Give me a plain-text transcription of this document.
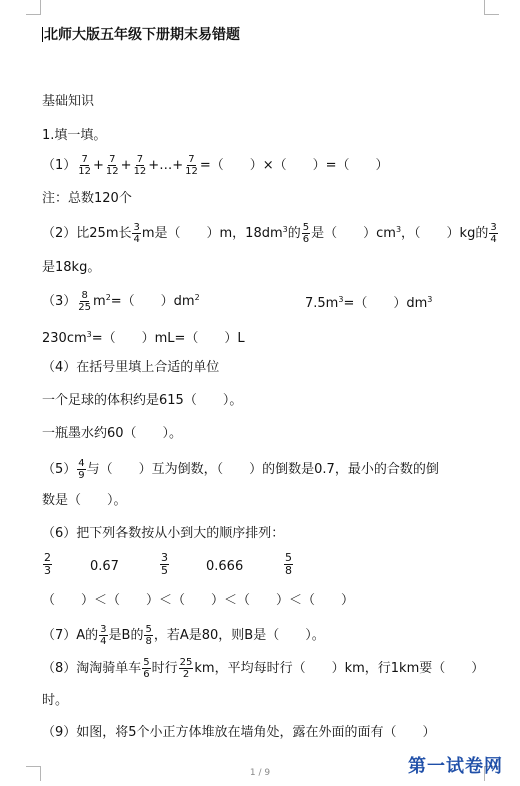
北师大版五年级下册期末易错题
基础知识
1.填一填。
$(1) \frac{7}{12} + \frac{7}{12} + \frac{7}{12}$ +…+ $\frac{7}{12}$ =（　　）×（　　）=（　　）
注：总数120个
（2）比25m长 $\frac{3}{4}$ m是（　　）m，$18dm^3$的 $\frac{5}{6}$ 是（　　）$cm^3$，（　　）kg的 $\frac{3}{4}$
是18kg。
$(3) \frac{8}{25} m^2=$（　　）$dm^2$	$7.5m^3=$（　　）$dm^3$
$230cm^3=$（　　）mL=（　　）L
（4）在括号里填上合适的单位
一个足球的体积约是615（　　）。
一瓶墨水约60（　　）。
$(5) \frac{4}{9}$ 与（　　）互为倒数，（　　）的倒数是0.7，最小的合数的倒
数是（　　）。
（6）把下列各数按从小到大的顺序排列：
$\frac{2}{3}$	0.67	$\frac{3}{5}$	0.666	$\frac{5}{8}$
（　　）＜（　　）＜（　　）＜（　　）＜（　　）
（7）A的 $\frac{3}{4}$ 是B的 $\frac{5}{8}$ ，若A是80，则B是（　　）。
（8）淘淘骑单车 $\frac{5}{6}$ 时行 $\frac{25}{2}$ km，平均每时行（　　）km，行1km要（　　）
时。
（9）如图，将5个小正方体堆放在墙角处，露在外面的面有（　　）
1 / 9	第一试卷网
